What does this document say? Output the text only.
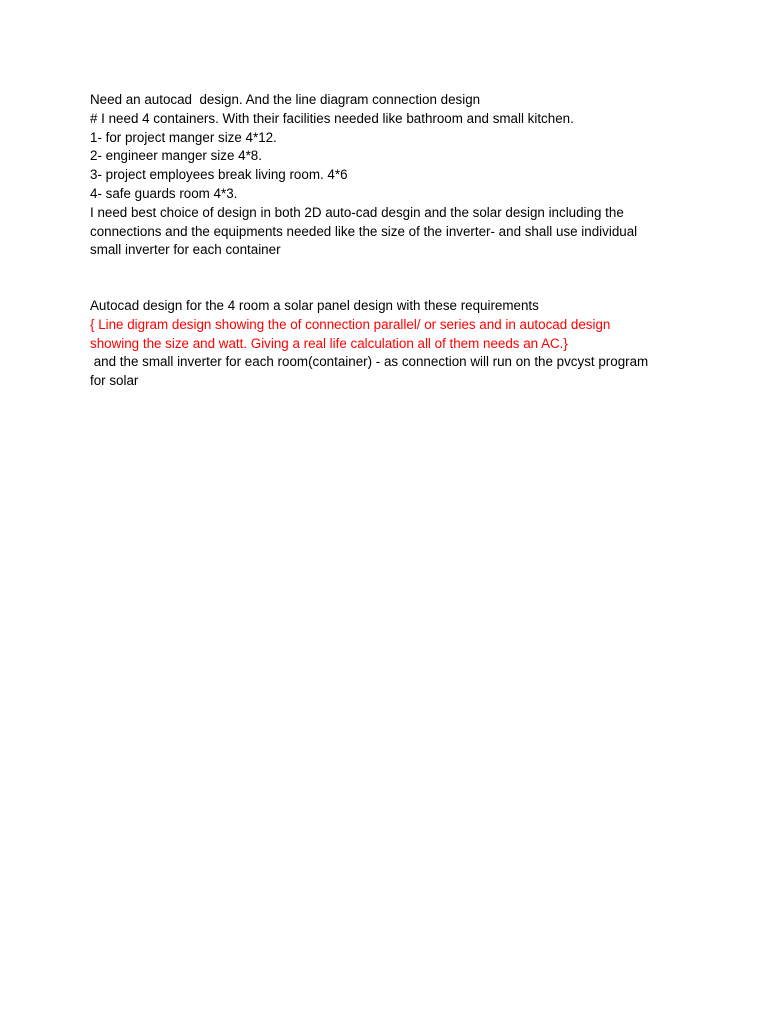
Need an autocad  design. And the line diagram connection design

# I need 4 containers. With their facilities needed like bathroom and small kitchen.

1- for project manger size 4*12.

2- engineer manger size 4*8.

3- project employees break living room. 4*6

4- safe guards room 4*3.

I need best choice of design in both 2D auto-cad desgin and the solar design including the

connections and the equipments needed like the size of the inverter- and shall use individual

small inverter for each container

Autocad design for the 4 room a solar panel design with these requirements

{ Line digram design showing the of connection parallel/ or series and in autocad design

showing the size and watt. Giving a real life calculation all of them needs an AC.}

and the small inverter for each room(container) - as connection will run on the pvcyst program

for solar
